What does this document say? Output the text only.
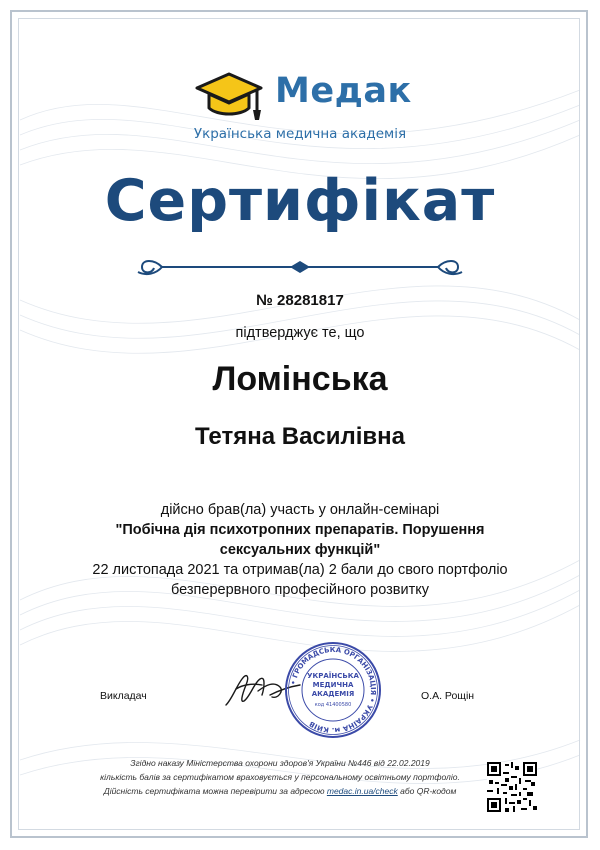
Медак
Українська медична академія
Сертифікат
№ 28281817
підтверджує те, що
Ломінська
Тетяна Василівна
дійсно брав(ла) участь у онлайн-семінарі
"Побічна дія психотропних препаратів. Порушення
сексуальних функцій"
22 листопада 2021 та отримав(ла) 2 бали до свого портфоліо
безперервного професійного розвитку
Викладач
• ГРОМАДСЬКА ОРГАНІЗАЦІЯ • УКРАЇНА м. КИЇВ
УКРАЇНСЬКА
МЕДИЧНА
АКАДЕМІЯ
код 41400580
О.А. Рощін
Згідно наказу Міністерства охорони здоров'я України №446 від 22.02.2019
кількість балів за сертифікатом враховується у персональному освітньому портфоліо.
Дійсність сертифіката можна перевірити за адресою medac.in.ua/check або QR-кодом
